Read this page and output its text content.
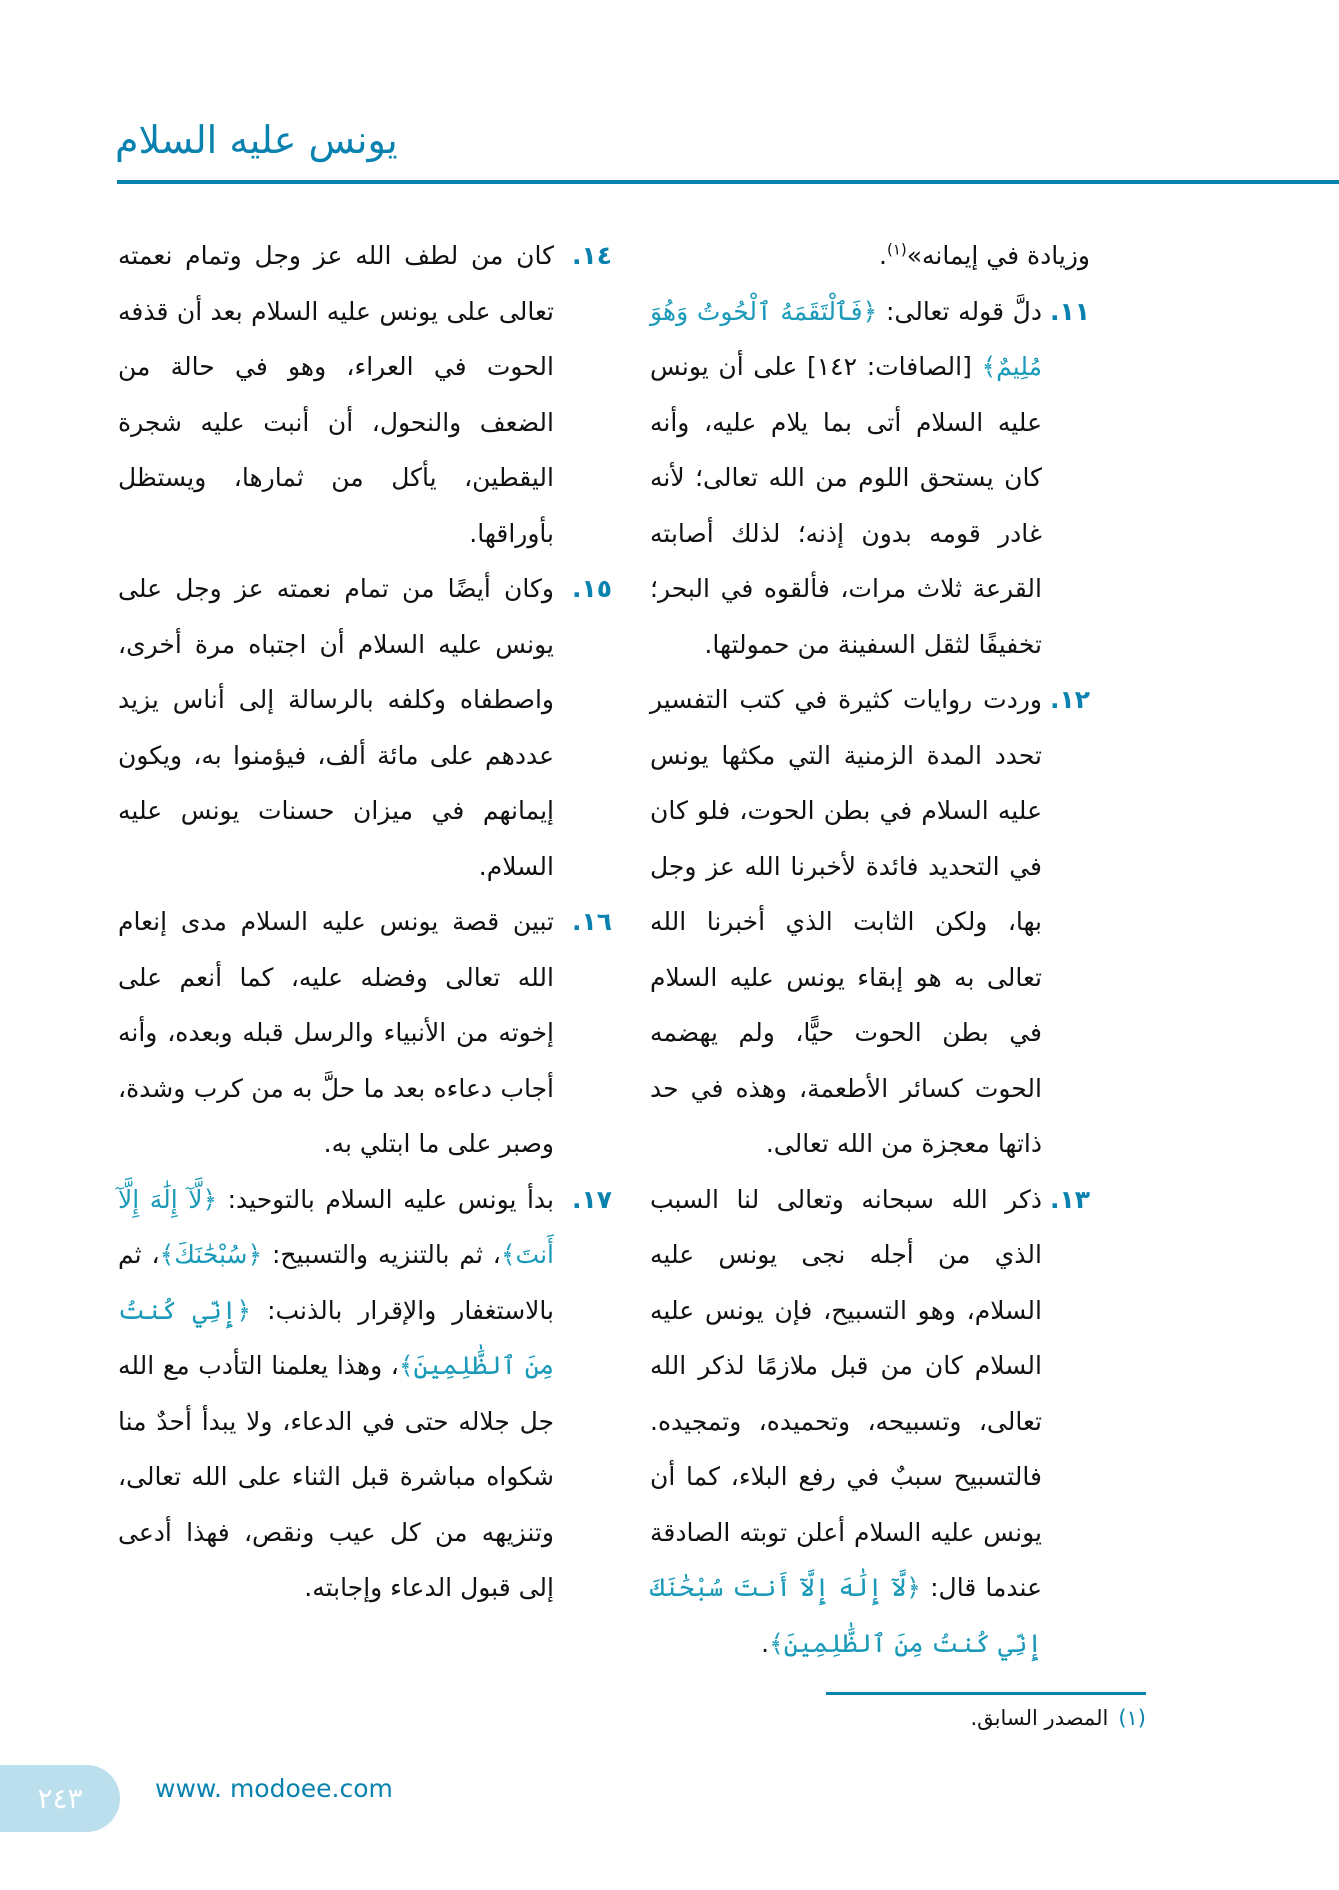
يونس عليه السلام

وزيادة في إيمانه»$^{(١)}$.

١١.
دلَّ قوله تعالى: ﴿فَٱلْتَقَمَهُ ٱلْحُوتُ وَهُوَ مُلِيمٌ﴾ [الصافات: ١٤٢] على أن يونس عليه السلام أتى بما يلام عليه، وأنه كان يستحق اللوم من الله تعالى؛ لأنه غادر قومه بدون إذنه؛ لذلك أصابته القرعة ثلاث مرات، فألقوه في البحر؛ تخفيفًا لثقل السفينة من حمولتها.

١٢.
وردت روايات كثيرة في كتب التفسير تحدد المدة الزمنية التي مكثها يونس عليه السلام في بطن الحوت، فلو كان في التحديد فائدة لأخبرنا الله عز وجل بها، ولكن الثابت الذي أخبرنا الله تعالى به هو إبقاء يونس عليه السلام في بطن الحوت حيًّا، ولم يهضمه الحوت كسائر الأطعمة، وهذه في حد ذاتها معجزة من الله تعالى.

١٣.
ذكر الله سبحانه وتعالى لنا السبب الذي من أجله نجى يونس عليه السلام، وهو التسبيح، فإن يونس عليه السلام كان من قبل ملازمًا لذكر الله تعالى، وتسبيحه، وتحميده، وتمجيده. فالتسبيح سببٌ في رفع البلاء، كما أن يونس عليه السلام أعلن توبته الصادقة عندما قال: ﴿لَّآ إِلَٰهَ إِلَّآ أَنتَ سُبْحَٰنَكَ إِنِّي كُنتُ مِنَ ٱلظَّٰلِمِينَ﴾.

١٤.
كان من لطف الله عز وجل وتمام نعمته تعالى على يونس عليه السلام بعد أن قذفه الحوت في العراء، وهو في حالة من الضعف والنحول، أن أنبت عليه شجرة اليقطين، يأكل من ثمارها، ويستظل بأوراقها.

١٥.
وكان أيضًا من تمام نعمته عز وجل على يونس عليه السلام أن اجتباه مرة أخرى، واصطفاه وكلفه بالرسالة إلى أناس يزيد عددهم على مائة ألف، فيؤمنوا به، ويكون إيمانهم في ميزان حسنات يونس عليه السلام.

١٦.
تبين قصة يونس عليه السلام مدى إنعام الله تعالى وفضله عليه، كما أنعم على إخوته من الأنبياء والرسل قبله وبعده، وأنه أجاب دعاءه بعد ما حلَّ به من كرب وشدة، وصبر على ما ابتلي به.

١٧.
بدأ يونس عليه السلام بالتوحيد: ﴿لَّآ إِلَٰهَ إِلَّآ أَنتَ﴾، ثم بالتنزيه والتسبيح: ﴿سُبْحَٰنَكَ﴾، ثم بالاستغفار والإقرار بالذنب: ﴿إِنِّي كُنتُ مِنَ ٱلظَّٰلِمِينَ﴾، وهذا يعلمنا التأدب مع الله جل جلاله حتى في الدعاء، ولا يبدأ أحدٌ منا شكواه مباشرة قبل الثناء على الله تعالى، وتنزيهه من كل عيب ونقص، فهذا أدعى إلى قبول الدعاء وإجابته.

(١)المصدر السابق.
٢٤٣	www. modoee.com
